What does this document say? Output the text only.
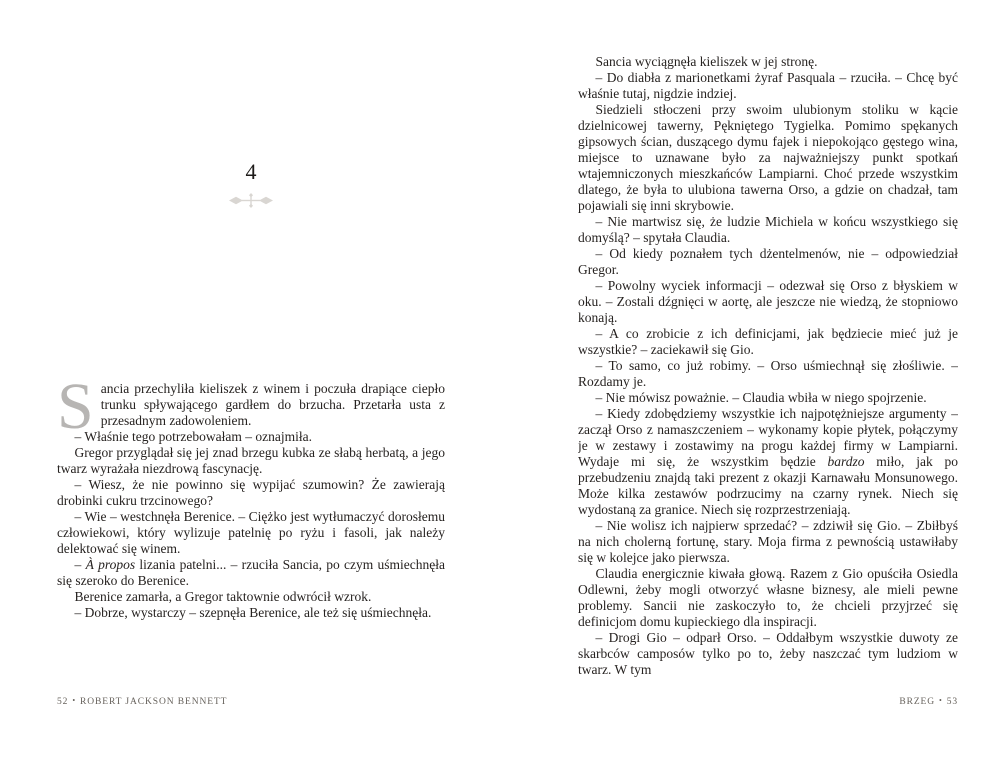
4

Sancia przechyliła kieliszek z winem i poczuła drapiące ciepło trunku spływającego gardłem do brzucha. Przetarła usta z przesadnym zadowoleniem.

– Właśnie tego potrzebowałam – oznajmiła.

Gregor przyglądał się jej znad brzegu kubka ze słabą herbatą, a jego twarz wyrażała niezdrową fascynację.

– Wiesz, że nie powinno się wypijać szumowin? Że zawierają drobinki cukru trzcinowego?

– Wie – westchnęła Berenice. – Ciężko jest wytłumaczyć dorosłemu człowiekowi, który wylizuje patelnię po ryżu i fasoli, jak należy delektować się winem.

– À propos lizania patelni... – rzuciła Sancia, po czym uśmiechnęła się szeroko do Berenice.

Berenice zamarła, a Gregor taktownie odwrócił wzrok.

– Dobrze, wystarczy – szepnęła Berenice, ale też się uśmiechnęła.

52 • ROBERT JACKSON BENNETT

Sancia wyciągnęła kieliszek w jej stronę.

– Do diabła z marionetkami żyraf Pasquala – rzuciła. – Chcę być właśnie tutaj, nigdzie indziej.

Siedzieli stłoczeni przy swoim ulubionym stoliku w kącie dzielnicowej tawerny, Pękniętego Tygielka. Pomimo spękanych gipsowych ścian, duszącego dymu fajek i niepokojąco gęstego wina, miejsce to uznawane było za najważniejszy punkt spotkań wtajemniczonych mieszkańców Lampiarni. Choć przede wszystkim dlatego, że była to ulubiona tawerna Orso, a gdzie on chadzał, tam pojawiali się inni skrybowie.

– Nie martwisz się, że ludzie Michiela w końcu wszystkiego się domyślą? – spytała Claudia.

– Od kiedy poznałem tych dżentelmenów, nie – odpowiedział Gregor.

– Powolny wyciek informacji – odezwał się Orso z błyskiem w oku. – Zostali dźgnięci w aortę, ale jeszcze nie wiedzą, że stopniowo konają.

– A co zrobicie z ich definicjami, jak będziecie mieć już je wszystkie? – zaciekawił się Gio.

– To samo, co już robimy. – Orso uśmiechnął się złośliwie. – Rozdamy je.

– Nie mówisz poważnie. – Claudia wbiła w niego spojrzenie.

– Kiedy zdobędziemy wszystkie ich najpotężniejsze argumenty – zaczął Orso z namaszczeniem – wykonamy kopie płytek, połączymy je w zestawy i zostawimy na progu każdej firmy w Lampiarni. Wydaje mi się, że wszystkim będzie bardzo miło, jak po przebudzeniu znajdą taki prezent z okazji Karnawału Monsunowego. Może kilka zestawów podrzucimy na czarny rynek. Niech się wydostaną za granice. Niech się rozprzestrzeniają.

– Nie wolisz ich najpierw sprzedać? – zdziwił się Gio. – Zbiłbyś na nich cholerną fortunę, stary. Moja firma z pewnością ustawiłaby się w kolejce jako pierwsza.

Claudia energicznie kiwała głową. Razem z Gio opuściła Osiedla Odlewni, żeby mogli otworzyć własne biznesy, ale mieli pewne problemy. Sancii nie zaskoczyło to, że chcieli przyjrzeć się definicjom domu kupieckiego dla inspiracji.

– Drogi Gio – odparł Orso. – Oddałbym wszystkie duwoty ze skarbców camposów tylko po to, żeby naszczać tym ludziom w twarz. W tym

BRZEG • 53
